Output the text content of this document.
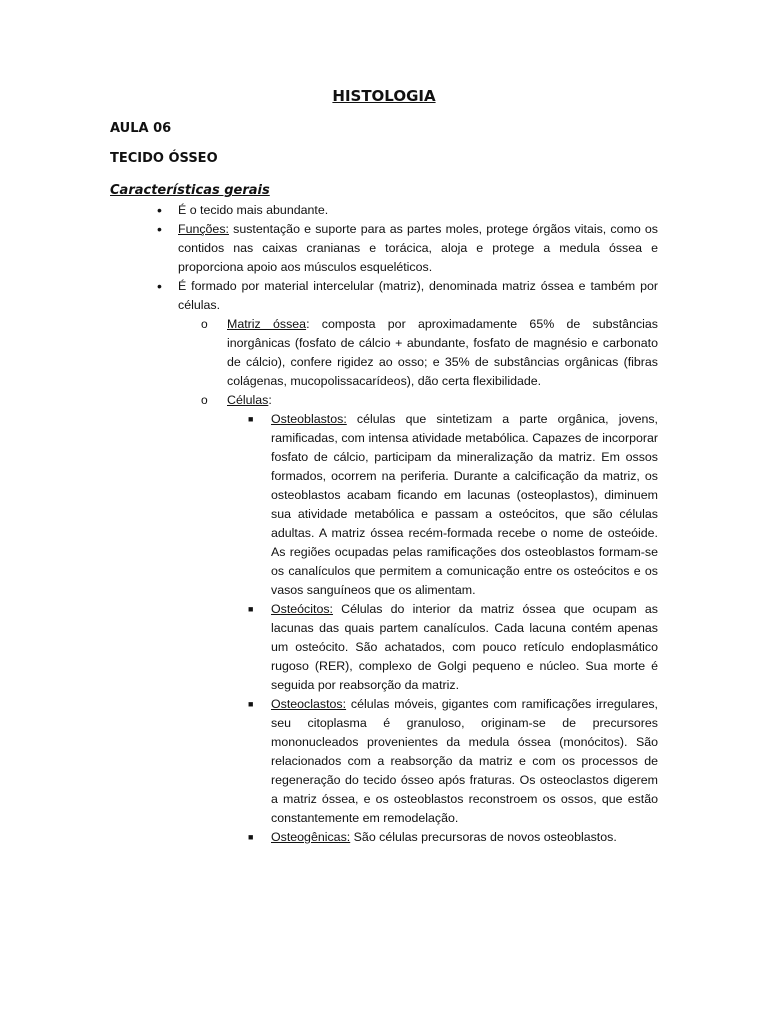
HISTOLOGIA
AULA 06
TECIDO ÓSSEO
Características gerais
• É o tecido mais abundante.
• Funções: sustentação e suporte para as partes moles, protege órgãos vitais, como os contidos nas caixas cranianas e torácica, aloja e protege a medula óssea e proporciona apoio aos músculos esqueléticos.
• É formado por material intercelular (matriz), denominada matriz óssea e também por células.
o Matriz óssea: composta por aproximadamente 65% de substâncias inorgânicas (fosfato de cálcio + abundante, fosfato de magnésio e carbonato de cálcio), confere rigidez ao osso; e 35% de substâncias orgânicas (fibras colágenas, mucopolissacarídeos), dão certa flexibilidade.
o Células:
■ Osteoblastos: células que sintetizam a parte orgânica, jovens, ramificadas, com intensa atividade metabólica. Capazes de incorporar fosfato de cálcio, participam da mineralização da matriz. Em ossos formados, ocorrem na periferia. Durante a calcificação da matriz, os osteoblastos acabam ficando em lacunas (osteoplastos), diminuem sua atividade metabólica e passam a osteócitos, que são células adultas. A matriz óssea recém-formada recebe o nome de osteóide. As regiões ocupadas pelas ramificações dos osteoblastos formam-se os canalículos que permitem a comunicação entre os osteócitos e os vasos sanguíneos que os alimentam.
■ Osteócitos: Células do interior da matriz óssea que ocupam as lacunas das quais partem canalículos. Cada lacuna contém apenas um osteócito. São achatados, com pouco retículo endoplasmático rugoso (RER), complexo de Golgi pequeno e núcleo. Sua morte é seguida por reabsorção da matriz.
■ Osteoclastos: células móveis, gigantes com ramificações irregulares, seu citoplasma é granuloso, originam-se de precursores mononucleados provenientes da medula óssea (monócitos). São relacionados com a reabsorção da matriz e com os processos de regeneração do tecido ósseo após fraturas. Os osteoclastos digerem a matriz óssea, e os osteoblastos reconstroem os ossos, que estão constantemente em remodelação.
■ Osteogênicas: São células precursoras de novos osteoblastos.
